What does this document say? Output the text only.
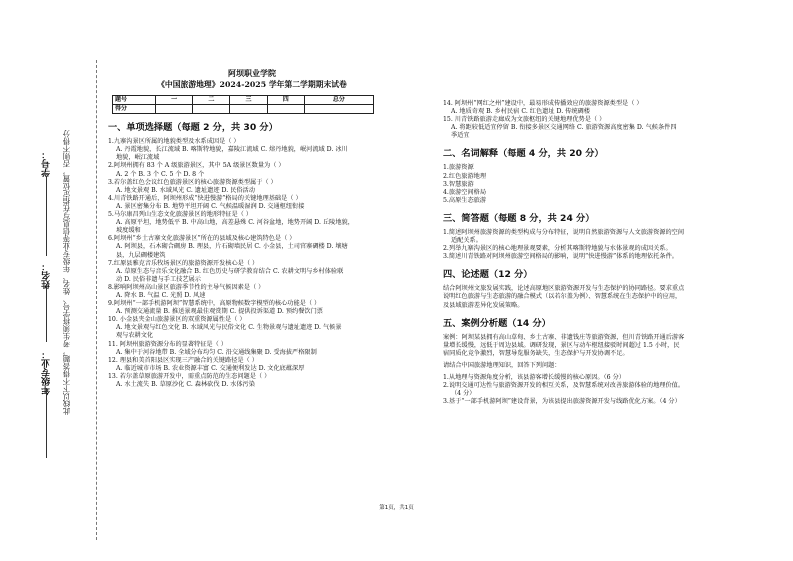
学号： 此线以下不得答题，考生须将学号、姓名、年级专业等信息写在指定位置，否则不得分
姓名：
年级专业：

阿坝职业学院

《中国旅游地理》2024-2025 学年第二学期期末试卷

题号	一	二	三	四	总分
得分					

一、单项选择题（每题 2 分，共 30 分）

1.九寨沟景区所属的地貌类型及水系成因是（ ）

A. 丹霞地貌，长江流域 B. 喀斯特地貌，嘉陵江流域 C. 熔丹地貌，岷河流域 D. 冰川

地貌，岷江流域

2.阿坝州拥有 83 个 A 级旅游景区，其中 5A 级景区数量为（ ）

A. 2 个 B. 3 个 C. 5 个 D. 8 个

3.若尔盖红色会议红色旅游景区的核心旅游资源类型属于（ ）

A. 地文景观 B. 水域风光 C. 遗址遗迹 D. 民俗活动

4.川青铁路开通后，阿坝州形成“快进慢游”格局的关键地理基础是（ ）

A. 景区密集分布 B. 地势平坦开阔 C. 气候温暖湿润 D. 交通枢纽衔接

5.马尔康昌列山生态文化旅游景区的地形特征是（ ）

A. 高原平坦，地势低平 B. 中高山地，高差悬殊 C. 河谷盆地，地势开阔 D. 丘陵地貌，

坡度缓和

6.阿坝州“乡土古寨文化旅游景区”所在的县域及核心建筑特色是（ ）

A. 阿坝县，石木砌合碉房 B. 理县，片石砌墙民居 C. 小金县，土司官寨碉楼 D. 壤塘

县，九层碉楼建筑

7.红原县雅克音乐牧场景区的旅游资源开发核心是（ ）

A. 草原生态与音乐文化融合 B. 红色历史与研学教育结合 C. 农耕文明与乡村体验联

动 D. 民俗非遗与手工技艺展示

8.影响阿坝州高山景区旅游季节性的主导气候因素是（ ）

A. 降水 B. 气温 C. 光照 D. 风速

9.阿坝州“一部手机游阿坝”智慧系统中，高原物候数字模型的核心功能是（ ）

A. 预测交通流量 B. 推送景观最佳观赏期 C. 提供投诉渠道 D. 预约餐饮门票

10. 小金县夹金山旅游景区的双重资源属性是（ ）

A. 地文景观与红色文化 B. 水域风光与民俗文化 C. 生物景观与遗址遗迹 D. 气候景

观与农耕文化

11. 阿坝州旅游资源分布的显著特征是（ ）

A. 集中于河谷地带 B. 全域分布均匀 C. 沿交通线集聚 D. 受海拔严格限制

12. 理县和美首阳县区实现三产融合的关键路径是（ ）

A. 临近城市市场 B. 农业资源丰富 C. 交通便利发达 D. 文化底蕴深厚

13. 若尔盖草原旅游开发中，需重点防范的生态问题是（ ）

A. 水土流失 B. 草原沙化 C. 森林砍伐 D. 水体污染

14. 阿坝州“网红之州”建设中，最易形成传播效应的旅游资源类型是（ ）

A. 地质奇观 B. 乡村民宿 C. 红色遗址 D. 传统碉楼

15. 川青铁路旅游走廊成为文旅枢纽的关键地理优势是（ ）

A. 将距较低适宜停留 B. 衔接多景区交通网络 C. 旅游资源高度密集 D. 气候条件四

季适宜

二、名词解释（每题 4 分，共 20 分）

1.旅游资源

2.红色旅游地理

3.智慧旅游

4.旅游空间格局

5.高原生态旅游

三、简答题（每题 8 分，共 24 分）

1.简述阿坝州旅游资源的类型构成与分布特征，说明自然旅游资源与人文旅游资源的空间

适配关系。

2.列举九寨沟景区的核心地理景观要素，分析其喀斯特地貌与水体景观的成因关系。

3.简述川青铁路对阿坝州旅游空间格局的影响，说明“快进慢游”体系的地理依托条件。

四、论述题（12 分）

结合阿坝州文旅发展实践，论述高原地区旅游资源开发与生态保护的协同路径。要求重点

说明红色旅游与生态旅游的融合模式（以若尔盖为例）、智慧系统在生态保护中的应用，

及县域旅游差异化发展策略。

五、案例分析题（14 分）

案例：阿坝某县拥有高山草甸、乡土古寨、非遗钱庄等旅游资源，但川青铁路开通后游客

量增长缓慢，远低于周边县域。调研发现，景区与动车枢纽接驳时间超过 1.5 小时，民

宿同质化竞争激烈，智慧导览服务缺失，生态保护与开发协调不足。

请结合中国旅游地理知识，回答下列问题：

1.从地理与资源角度分析，该县游客增长缓慢的核心原因。（6 分）

2.说明交通可达性与旅游资源开发的相互关系，及智慧系统对改善旅游体验的地理价值。

（4 分）

3.基于“一部手机游阿坝”建设背景，为该县提出旅游资源开发与线路优化方案。（4 分）

第1页，共1页
